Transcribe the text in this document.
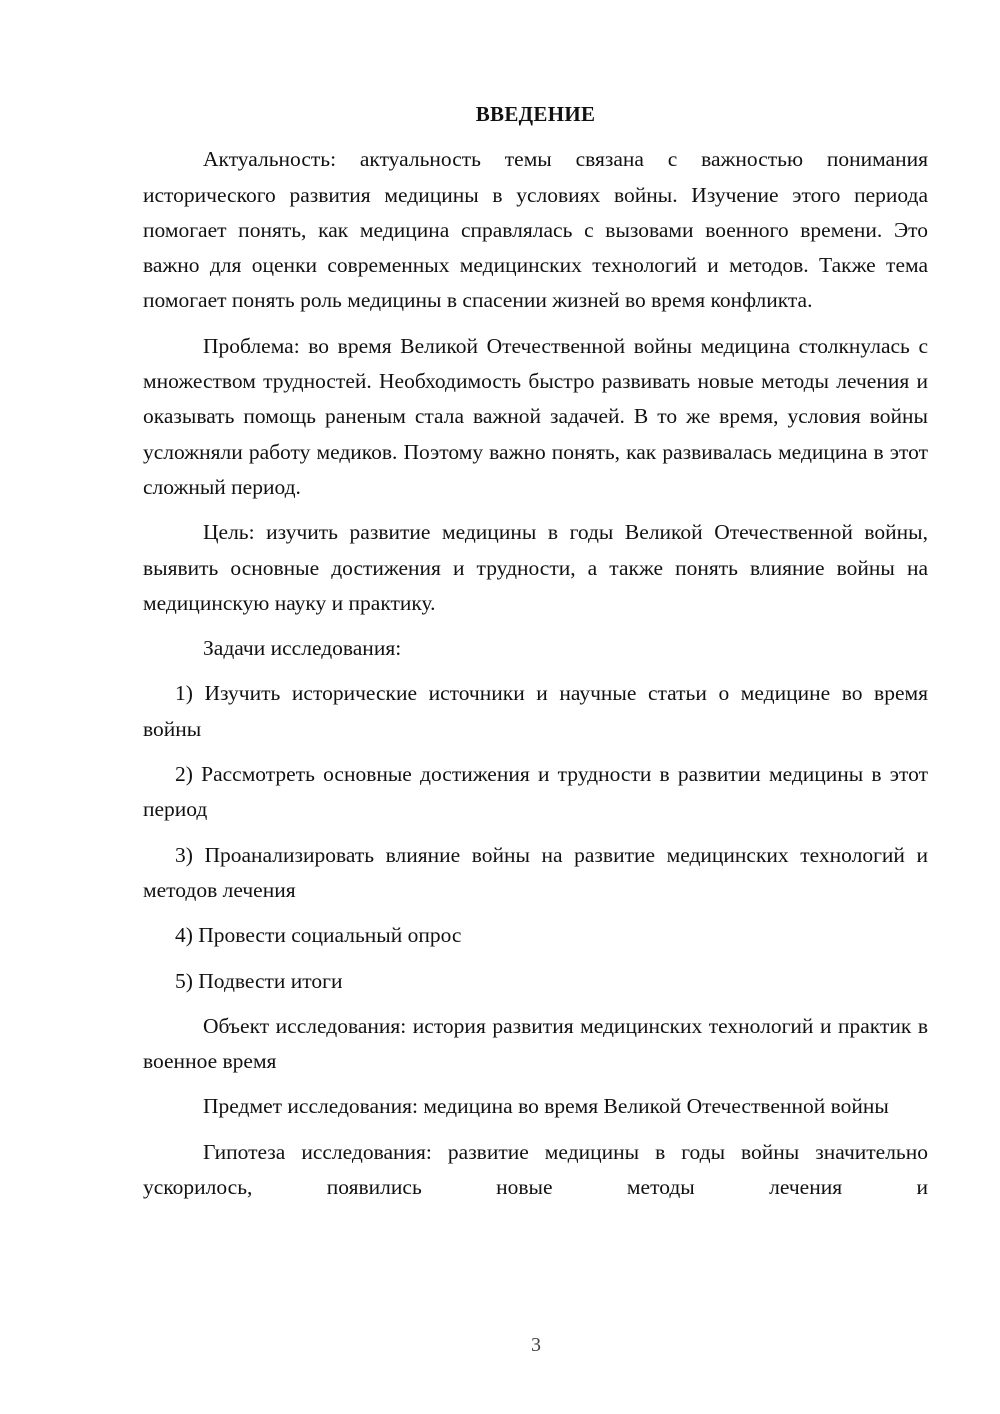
ВВЕДЕНИЕ

Актуальность: актуальность темы связана с важностью понимания исторического развития медицины в условиях войны. Изучение этого периода помогает понять, как медицина справлялась с вызовами военного времени. Это важно для оценки современных медицинских технологий и методов. Также тема помогает понять роль медицины в спасении жизней во время конфликта.

Проблема: во время Великой Отечественной войны медицина столкнулась с множеством трудностей. Необходимость быстро развивать новые методы лечения и оказывать помощь раненым стала важной задачей. В то же время, условия войны усложняли работу медиков. Поэтому важно понять, как развивалась медицина в этот сложный период.

Цель: изучить развитие медицины в годы Великой Отечественной войны, выявить основные достижения и трудности, а также понять влияние войны на медицинскую науку и практику.

Задачи исследования:

1) Изучить исторические источники и научные статьи о медицине во время войны

2) Рассмотреть основные достижения и трудности в развитии медицины в этот период

3) Проанализировать влияние войны на развитие медицинских технологий и методов лечения

4) Провести социальный опрос

5) Подвести итоги

Объект исследования: история развития медицинских технологий и практик в военное время

Предмет исследования: медицина во время Великой Отечественной войны

Гипотеза исследования: развитие медицины в годы войны значительно ускорилось, появились новые методы лечения и

3
